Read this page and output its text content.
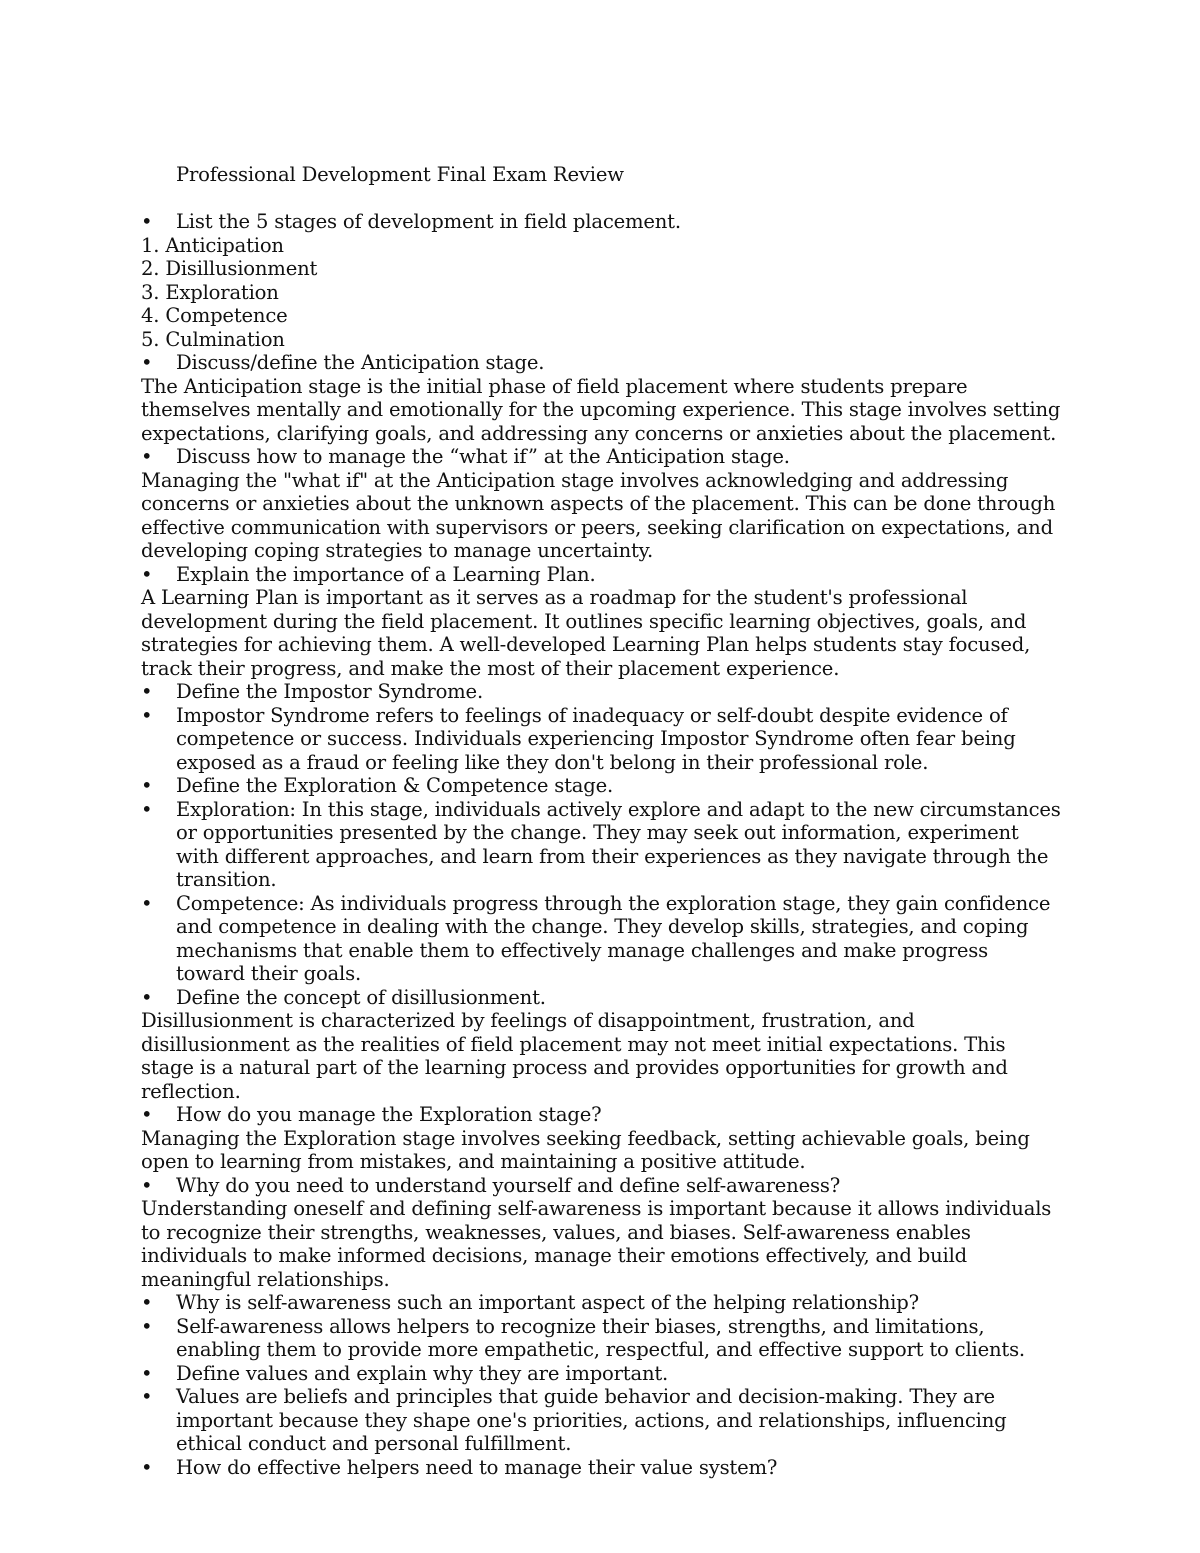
Professional Development Final Exam Review
•	List the 5 stages of development in field placement.
1. Anticipation
2. Disillusionment
3. Exploration
4. Competence
5. Culmination
•	Discuss/define the Anticipation stage.
The Anticipation stage is the initial phase of field placement where students prepare themselves mentally and emotionally for the upcoming experience. This stage involves setting expectations, clarifying goals, and addressing any concerns or anxieties about the placement.
•	Discuss how to manage the “what if” at the Anticipation stage.
Managing the "what if" at the Anticipation stage involves acknowledging and addressing concerns or anxieties about the unknown aspects of the placement. This can be done through effective communication with supervisors or peers, seeking clarification on expectations, and developing coping strategies to manage uncertainty.
•	Explain the importance of a Learning Plan.
A Learning Plan is important as it serves as a roadmap for the student's professional development during the field placement. It outlines specific learning objectives, goals, and strategies for achieving them. A well-developed Learning Plan helps students stay focused, track their progress, and make the most of their placement experience.
•	Define the Impostor Syndrome.
•	Impostor Syndrome refers to feelings of inadequacy or self-doubt despite evidence of competence or success. Individuals experiencing Impostor Syndrome often fear being exposed as a fraud or feeling like they don't belong in their professional role.
•	Define the Exploration & Competence stage.
•	Exploration: In this stage, individuals actively explore and adapt to the new circumstances or opportunities presented by the change. They may seek out information, experiment with different approaches, and learn from their experiences as they navigate through the transition.
•	Competence: As individuals progress through the exploration stage, they gain confidence and competence in dealing with the change. They develop skills, strategies, and coping mechanisms that enable them to effectively manage challenges and make progress toward their goals.
•	Define the concept of disillusionment.
Disillusionment is characterized by feelings of disappointment, frustration, and disillusionment as the realities of field placement may not meet initial expectations. This stage is a natural part of the learning process and provides opportunities for growth and reflection.
•	How do you manage the Exploration stage?
Managing the Exploration stage involves seeking feedback, setting achievable goals, being open to learning from mistakes, and maintaining a positive attitude.
•	Why do you need to understand yourself and define self-awareness?
Understanding oneself and defining self-awareness is important because it allows individuals to recognize their strengths, weaknesses, values, and biases. Self-awareness enables individuals to make informed decisions, manage their emotions effectively, and build meaningful relationships.
•	Why is self-awareness such an important aspect of the helping relationship?
•	Self-awareness allows helpers to recognize their biases, strengths, and limitations, enabling them to provide more empathetic, respectful, and effective support to clients.
•	Define values and explain why they are important.
•	Values are beliefs and principles that guide behavior and decision-making. They are important because they shape one's priorities, actions, and relationships, influencing ethical conduct and personal fulfillment.
•	How do effective helpers need to manage their value system?
